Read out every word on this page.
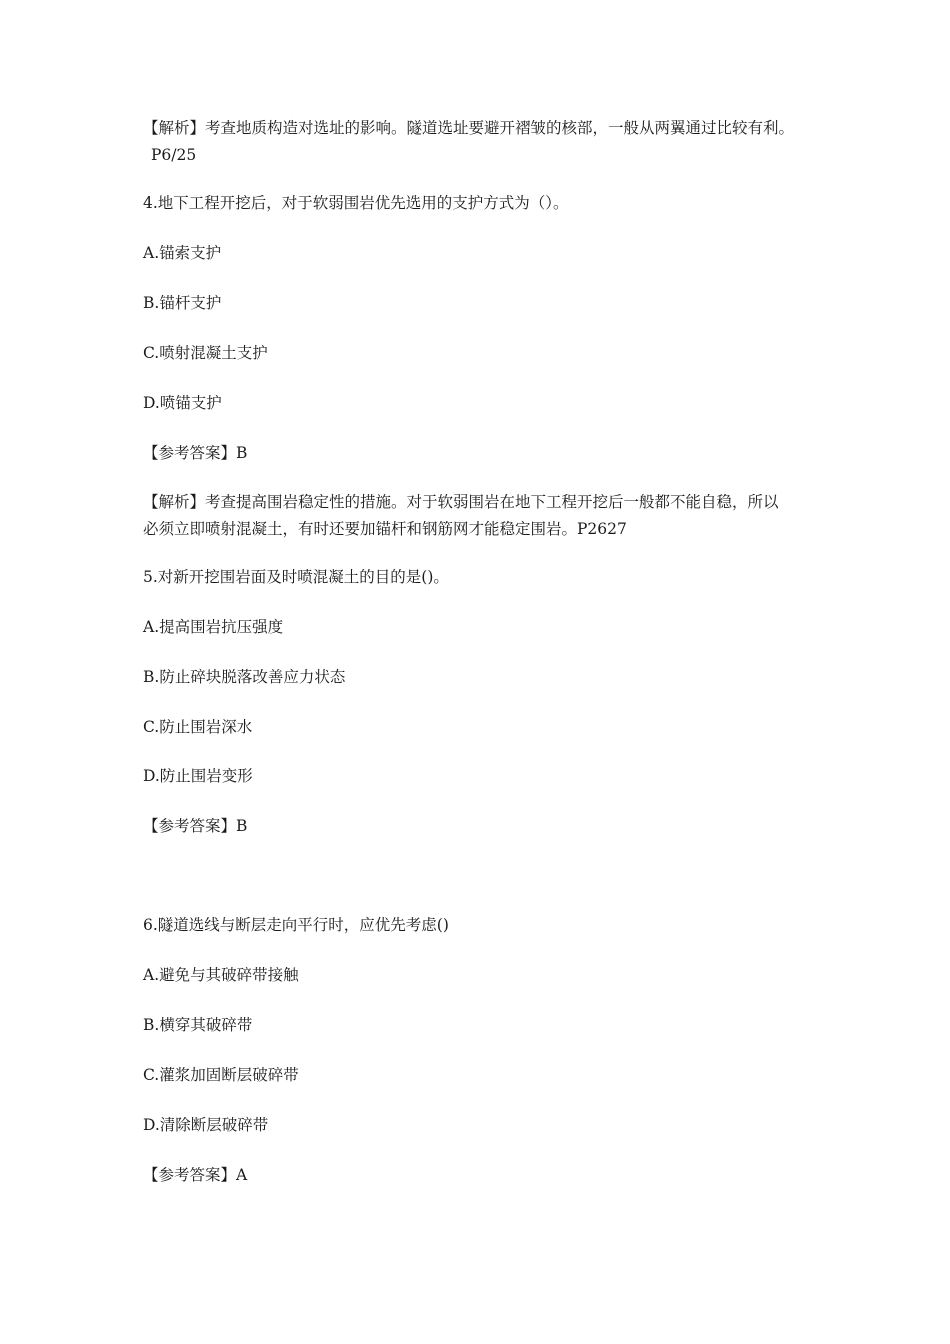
【解析】考查地质构造对选址的影响。隧道选址要避开褶皱的核部，一般从两翼通过比较有利。
P6/25
4.地下工程开挖后，对于软弱围岩优先选用的支护方式为（）。
A.锚索支护
B.锚杆支护
C.喷射混凝土支护
D.喷锚支护
【参考答案】B
【解析】考查提高围岩稳定性的措施。对于软弱围岩在地下工程开挖后一般都不能自稳，所以
必须立即喷射混凝土，有时还要加锚杆和钢筋网才能稳定围岩。P2627
5.对新开挖围岩面及时喷混凝土的目的是()。
A.提高围岩抗压强度
B.防止碎块脱落改善应力状态
C.防止围岩深水
D.防止围岩变形
【参考答案】B
6.隧道选线与断层走向平行时，应优先考虑()
A.避免与其破碎带接触
B.横穿其破碎带
C.灌浆加固断层破碎带
D.清除断层破碎带
【参考答案】A
